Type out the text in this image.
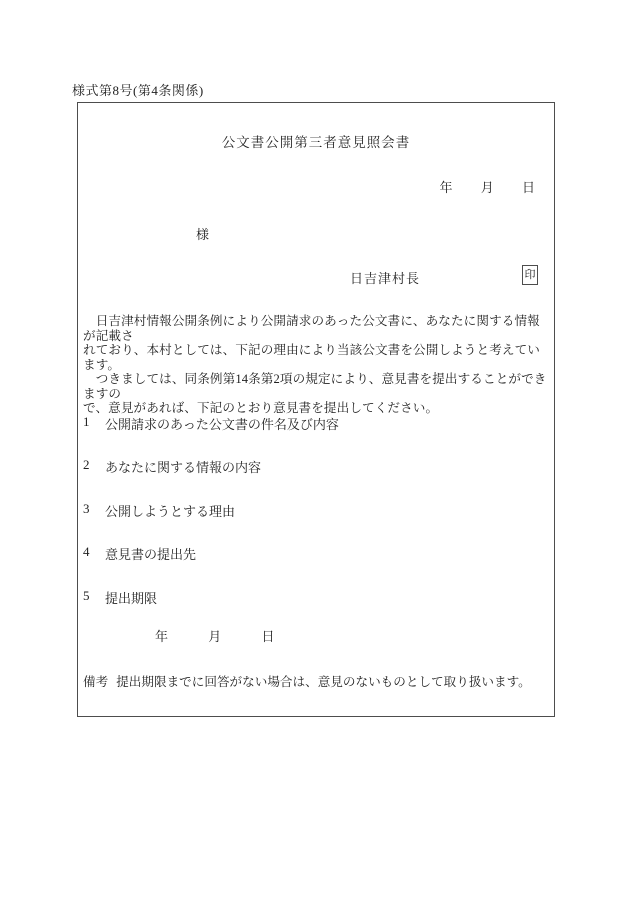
様式第8号(第4条関係)
公文書公開第三者意見照会書
年 月 日
様
日吉津村長	印
　日吉津村情報公開条例により公開請求のあった公文書に、あなたに関する情報が記載さ
れており、本村としては、下記の理由により当該公文書を公開しようと考えています。
　つきましては、同条例第14条第2項の規定により、意見書を提出することができますの
で、意見があれば、下記のとおり意見書を提出してください。
1	公開請求のあった公文書の件名及び内容
2	あなたに関する情報の内容
3	公開しようとする理由
4	意見書の提出先
5	提出期限
年	月	日
備考 提出期限までに回答がない場合は、意見のないものとして取り扱います。
